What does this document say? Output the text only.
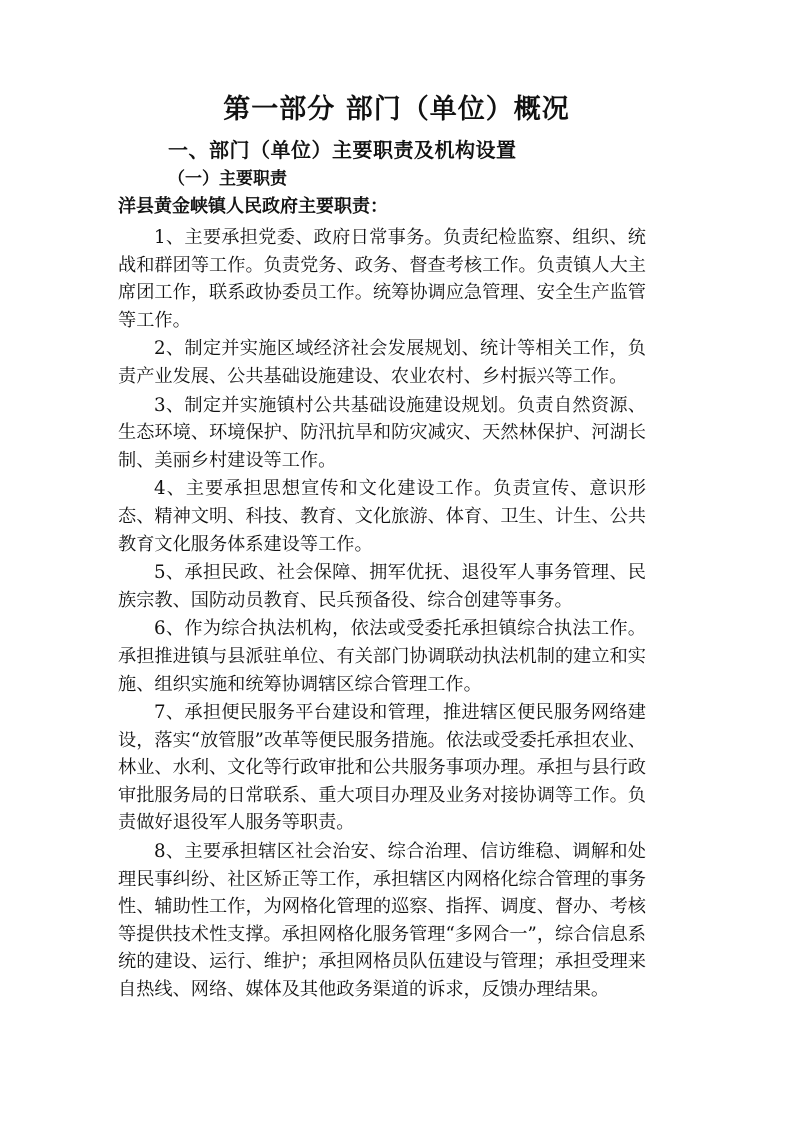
第一部分 部门（单位）概况
一、部门（单位）主要职责及机构设置
（一）主要职责

洋县黄金峡镇人民政府主要职责：

1、主要承担党委、政府日常事务。负责纪检监察、组织、统战和群团等工作。负责党务、政务、督查考核工作。负责镇人大主席团工作，联系政协委员工作。统筹协调应急管理、安全生产监管等工作。

2、制定并实施区域经济社会发展规划、统计等相关工作，负责产业发展、公共基础设施建设、农业农村、乡村振兴等工作。

3、制定并实施镇村公共基础设施建设规划。负责自然资源、生态环境、环境保护、防汛抗旱和防灾减灾、天然林保护、河湖长制、美丽乡村建设等工作。

4、主要承担思想宣传和文化建设工作。负责宣传、意识形态、精神文明、科技、教育、文化旅游、体育、卫生、计生、公共教育文化服务体系建设等工作。

5、承担民政、社会保障、拥军优抚、退役军人事务管理、民族宗教、国防动员教育、民兵预备役、综合创建等事务。

6、作为综合执法机构，依法或受委托承担镇综合执法工作。承担推进镇与县派驻单位、有关部门协调联动执法机制的建立和实施、组织实施和统筹协调辖区综合管理工作。

7、承担便民服务平台建设和管理，推进辖区便民服务网络建设，落实“放管服”改革等便民服务措施。依法或受委托承担农业、林业、水利、文化等行政审批和公共服务事项办理。承担与县行政审批服务局的日常联系、重大项目办理及业务对接协调等工作。负责做好退役军人服务等职责。

8、主要承担辖区社会治安、综合治理、信访维稳、调解和处理民事纠纷、社区矫正等工作，承担辖区内网格化综合管理的事务性、辅助性工作，为网格化管理的巡察、指挥、调度、督办、考核等提供技术性支撑。承担网格化服务管理“多网合一”，综合信息系统的建设、运行、维护；承担网格员队伍建设与管理；承担受理来自热线、网络、媒体及其他政务渠道的诉求，反馈办理结果。
